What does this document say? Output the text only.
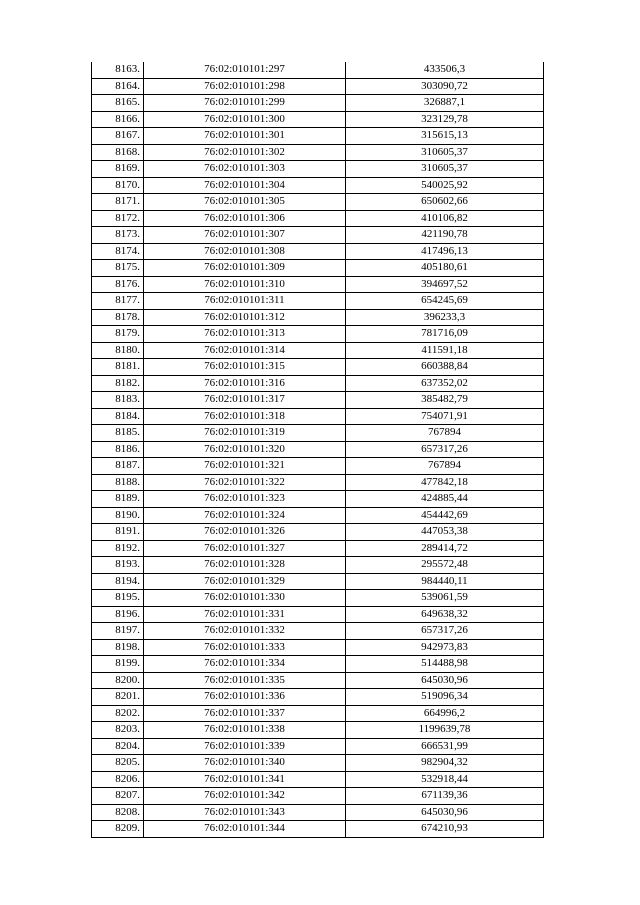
8163.	76:02:010101:297	433506,3
8164.	76:02:010101:298	303090,72
8165.	76:02:010101:299	326887,1
8166.	76:02:010101:300	323129,78
8167.	76:02:010101:301	315615,13
8168.	76:02:010101:302	310605,37
8169.	76:02:010101:303	310605,37
8170.	76:02:010101:304	540025,92
8171.	76:02:010101:305	650602,66
8172.	76:02:010101:306	410106,82
8173.	76:02:010101:307	421190,78
8174.	76:02:010101:308	417496,13
8175.	76:02:010101:309	405180,61
8176.	76:02:010101:310	394697,52
8177.	76:02:010101:311	654245,69
8178.	76:02:010101:312	396233,3
8179.	76:02:010101:313	781716,09
8180.	76:02:010101:314	411591,18
8181.	76:02:010101:315	660388,84
8182.	76:02:010101:316	637352,02
8183.	76:02:010101:317	385482,79
8184.	76:02:010101:318	754071,91
8185.	76:02:010101:319	767894
8186.	76:02:010101:320	657317,26
8187.	76:02:010101:321	767894
8188.	76:02:010101:322	477842,18
8189.	76:02:010101:323	424885,44
8190.	76:02:010101:324	454442,69
8191.	76:02:010101:326	447053,38
8192.	76:02:010101:327	289414,72
8193.	76:02:010101:328	295572,48
8194.	76:02:010101:329	984440,11
8195.	76:02:010101:330	539061,59
8196.	76:02:010101:331	649638,32
8197.	76:02:010101:332	657317,26
8198.	76:02:010101:333	942973,83
8199.	76:02:010101:334	514488,98
8200.	76:02:010101:335	645030,96
8201.	76:02:010101:336	519096,34
8202.	76:02:010101:337	664996,2
8203.	76:02:010101:338	1199639,78
8204.	76:02:010101:339	666531,99
8205.	76:02:010101:340	982904,32
8206.	76:02:010101:341	532918,44
8207.	76:02:010101:342	671139,36
8208.	76:02:010101:343	645030,96
8209.	76:02:010101:344	674210,93
